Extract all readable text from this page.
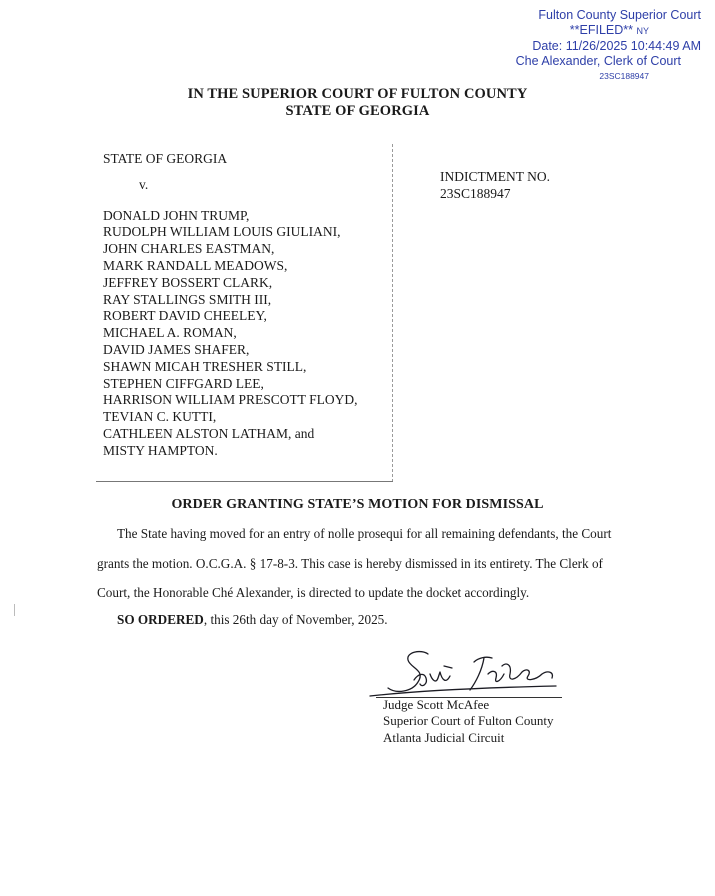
Fulton County Superior Court
**EFILED** NY
Date: 11/26/2025 10:44:49 AM
Che Alexander, Clerk of Court
23SC188947
IN THE SUPERIOR COURT OF FULTON COUNTY
STATE OF GEORGIA
STATE OF GEORGIA
v.
DONALD JOHN TRUMP,
RUDOLPH WILLIAM LOUIS GIULIANI,
JOHN CHARLES EASTMAN,
MARK RANDALL MEADOWS,
JEFFREY BOSSERT CLARK,
RAY STALLINGS SMITH III,
ROBERT DAVID CHEELEY,
MICHAEL A. ROMAN,
DAVID JAMES SHAFER,
SHAWN MICAH TRESHER STILL,
STEPHEN CIFFGARD LEE,
HARRISON WILLIAM PRESCOTT FLOYD,
TEVIAN C. KUTTI,
CATHLEEN ALSTON LATHAM, and
MISTY HAMPTON.
INDICTMENT NO.
23SC188947
ORDER GRANTING STATE’S MOTION FOR DISMISSAL
The State having moved for an entry of nolle prosequi for all remaining defendants, the Court
grants the motion. O.C.G.A. § 17-8-3. This case is hereby dismissed in its entirety. The Clerk of
Court, the Honorable Ché Alexander, is directed to update the docket accordingly.
SO ORDERED, this 26th day of November, 2025.
Judge Scott McAfee
Superior Court of Fulton County
Atlanta Judicial Circuit
